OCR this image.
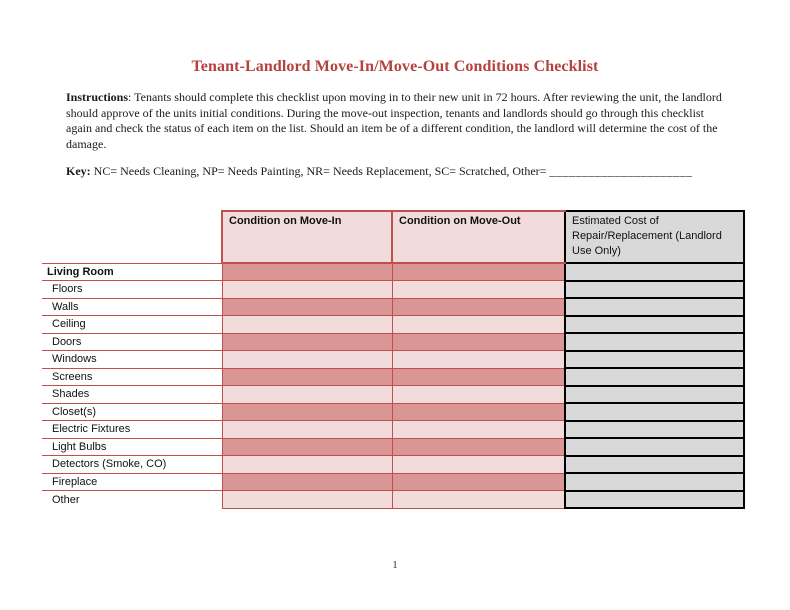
Tenant-Landlord Move-In/Move-Out Conditions Checklist

Instructions: Tenants should complete this checklist upon moving in to their new unit in 72 hours. After reviewing the unit, the landlord should approve of the units initial conditions. During the move-out inspection, tenants and landlords should go through this checklist again and check the status of each item on the list. Should an item be of a different condition, the landlord will determine the cost of the damage.

Key: NC= Needs Cleaning, NP= Needs Painting, NR= Needs Replacement, SC= Scratched, Other= ______________________

	Condition on Move-In	Condition on Move-Out	Estimated Cost of Repair/Replacement (Landlord Use Only)
Living Room			
Floors			
Walls			
Ceiling			
Doors			
Windows			
Screens			
Shades			
Closet(s)			
Electric Fixtures			
Light Bulbs			
Detectors (Smoke, CO)			
Fireplace			
Other			
1
